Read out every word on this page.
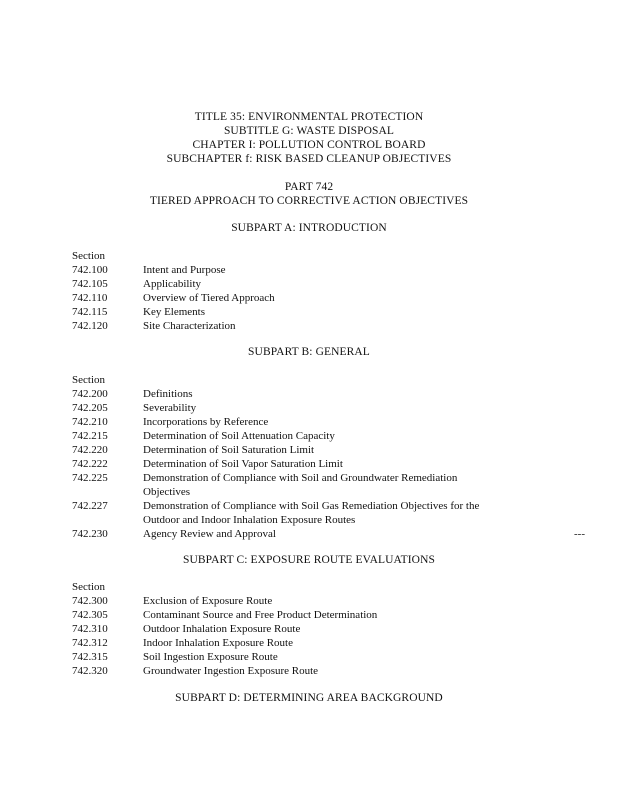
TITLE 35: ENVIRONMENTAL PROTECTION
SUBTITLE G: WASTE DISPOSAL
CHAPTER I: POLLUTION CONTROL BOARD
SUBCHAPTER f: RISK BASED CLEANUP OBJECTIVES
PART 742
TIERED APPROACH TO CORRECTIVE ACTION OBJECTIVES
SUBPART A: INTRODUCTION
Section
742.100	Intent and Purpose
742.105	Applicability
742.110	Overview of Tiered Approach
742.115	Key Elements
742.120	Site Characterization
SUBPART B: GENERAL
Section
742.200	Definitions
742.205	Severability
742.210	Incorporations by Reference
742.215	Determination of Soil Attenuation Capacity
742.220	Determination of Soil Saturation Limit
742.222	Determination of Soil Vapor Saturation Limit
742.225	Demonstration of Compliance with Soil and Groundwater Remediation
Objectives
742.227	Demonstration of Compliance with Soil Gas Remediation Objectives for the
Outdoor and Indoor Inhalation Exposure Routes
742.230	Agency Review and Approval	---
SUBPART C: EXPOSURE ROUTE EVALUATIONS
Section
742.300	Exclusion of Exposure Route
742.305	Contaminant Source and Free Product Determination
742.310	Outdoor Inhalation Exposure Route
742.312	Indoor Inhalation Exposure Route
742.315	Soil Ingestion Exposure Route
742.320	Groundwater Ingestion Exposure Route
SUBPART D: DETERMINING AREA BACKGROUND
